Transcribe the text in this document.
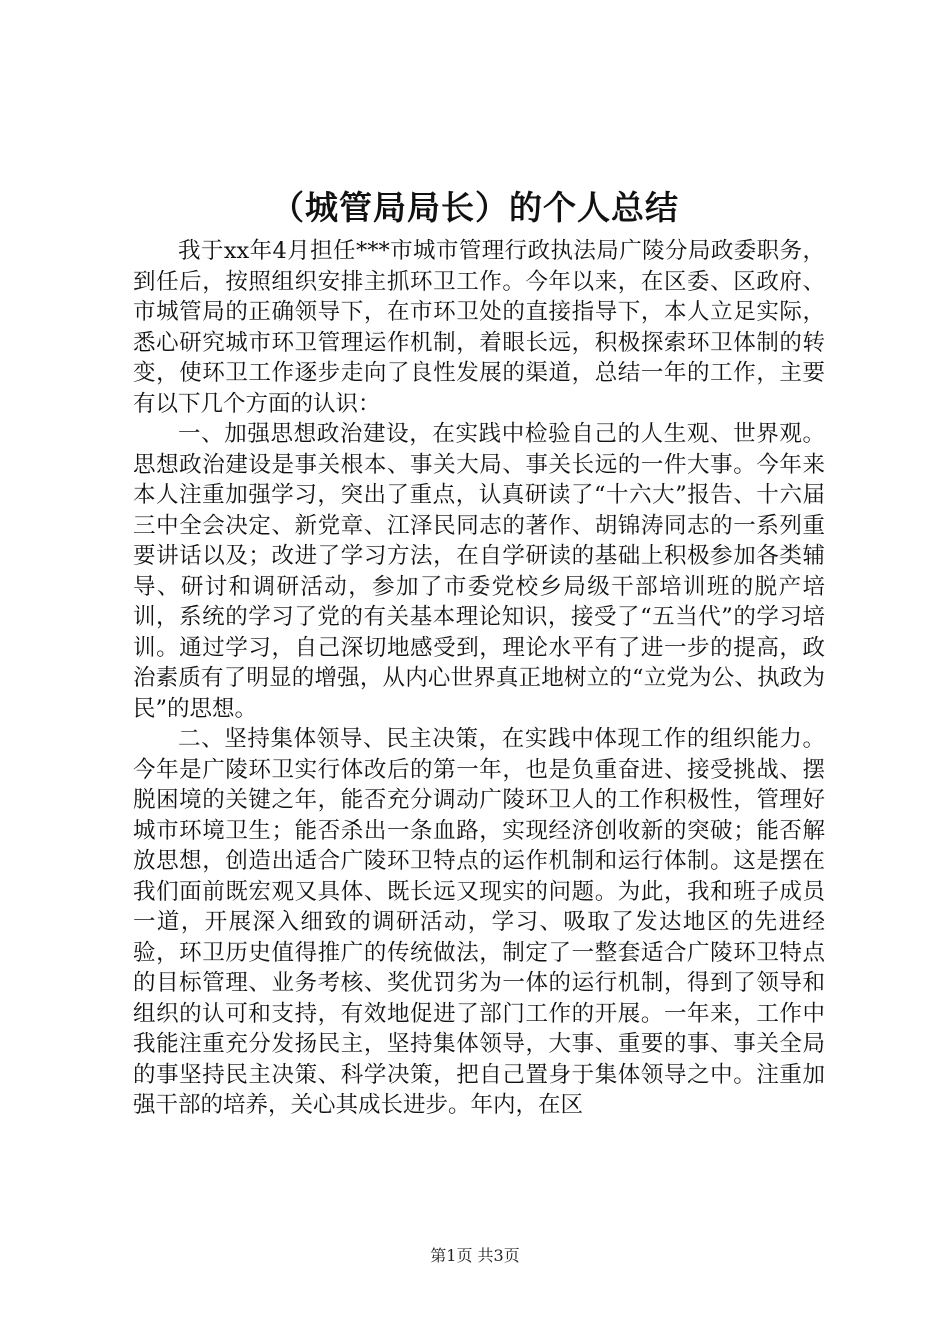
（城管局局长）的个人总结

我于xx年4月担任***市城市管理行政执法局广陵分局政委职务，到任后，按照组织安排主抓环卫工作。今年以来，在区委、区政府、市城管局的正确领导下，在市环卫处的直接指导下，本人立足实际，悉心研究城市环卫管理运作机制，着眼长远，积极探索环卫体制的转变，使环卫工作逐步走向了良性发展的渠道，总结一年的工作，主要有以下几个方面的认识：

一、加强思想政治建设，在实践中检验自己的人生观、世界观。思想政治建设是事关根本、事关大局、事关长远的一件大事。今年来本人注重加强学习，突出了重点，认真研读了“十六大”报告、十六届三中全会决定、新党章、江泽民同志的著作、胡锦涛同志的一系列重要讲话以及；改进了学习方法，在自学研读的基础上积极参加各类辅导、研讨和调研活动，参加了市委党校乡局级干部培训班的脱产培训，系统的学习了党的有关基本理论知识，接受了“五当代”的学习培训。通过学习，自己深切地感受到，理论水平有了进一步的提高，政治素质有了明显的增强，从内心世界真正地树立的“立党为公、执政为民”的思想。

二、坚持集体领导、民主决策，在实践中体现工作的组织能力。今年是广陵环卫实行体改后的第一年，也是负重奋进、接受挑战、摆脱困境的关键之年，能否充分调动广陵环卫人的工作积极性，管理好城市环境卫生；能否杀出一条血路，实现经济创收新的突破；能否解放思想，创造出适合广陵环卫特点的运作机制和运行体制。这是摆在我们面前既宏观又具体、既长远又现实的问题。为此，我和班子成员一道，开展深入细致的调研活动，学习、吸取了发达地区的先进经验，环卫历史值得推广的传统做法，制定了一整套适合广陵环卫特点的目标管理、业务考核、奖优罚劣为一体的运行机制，得到了领导和组织的认可和支持，有效地促进了部门工作的开展。一年来，工作中我能注重充分发扬民主，坚持集体领导，大事、重要的事、事关全局的事坚持民主决策、科学决策，把自己置身于集体领导之中。注重加强干部的培养，关心其成长进步。年内，在区

第1页 共3页
